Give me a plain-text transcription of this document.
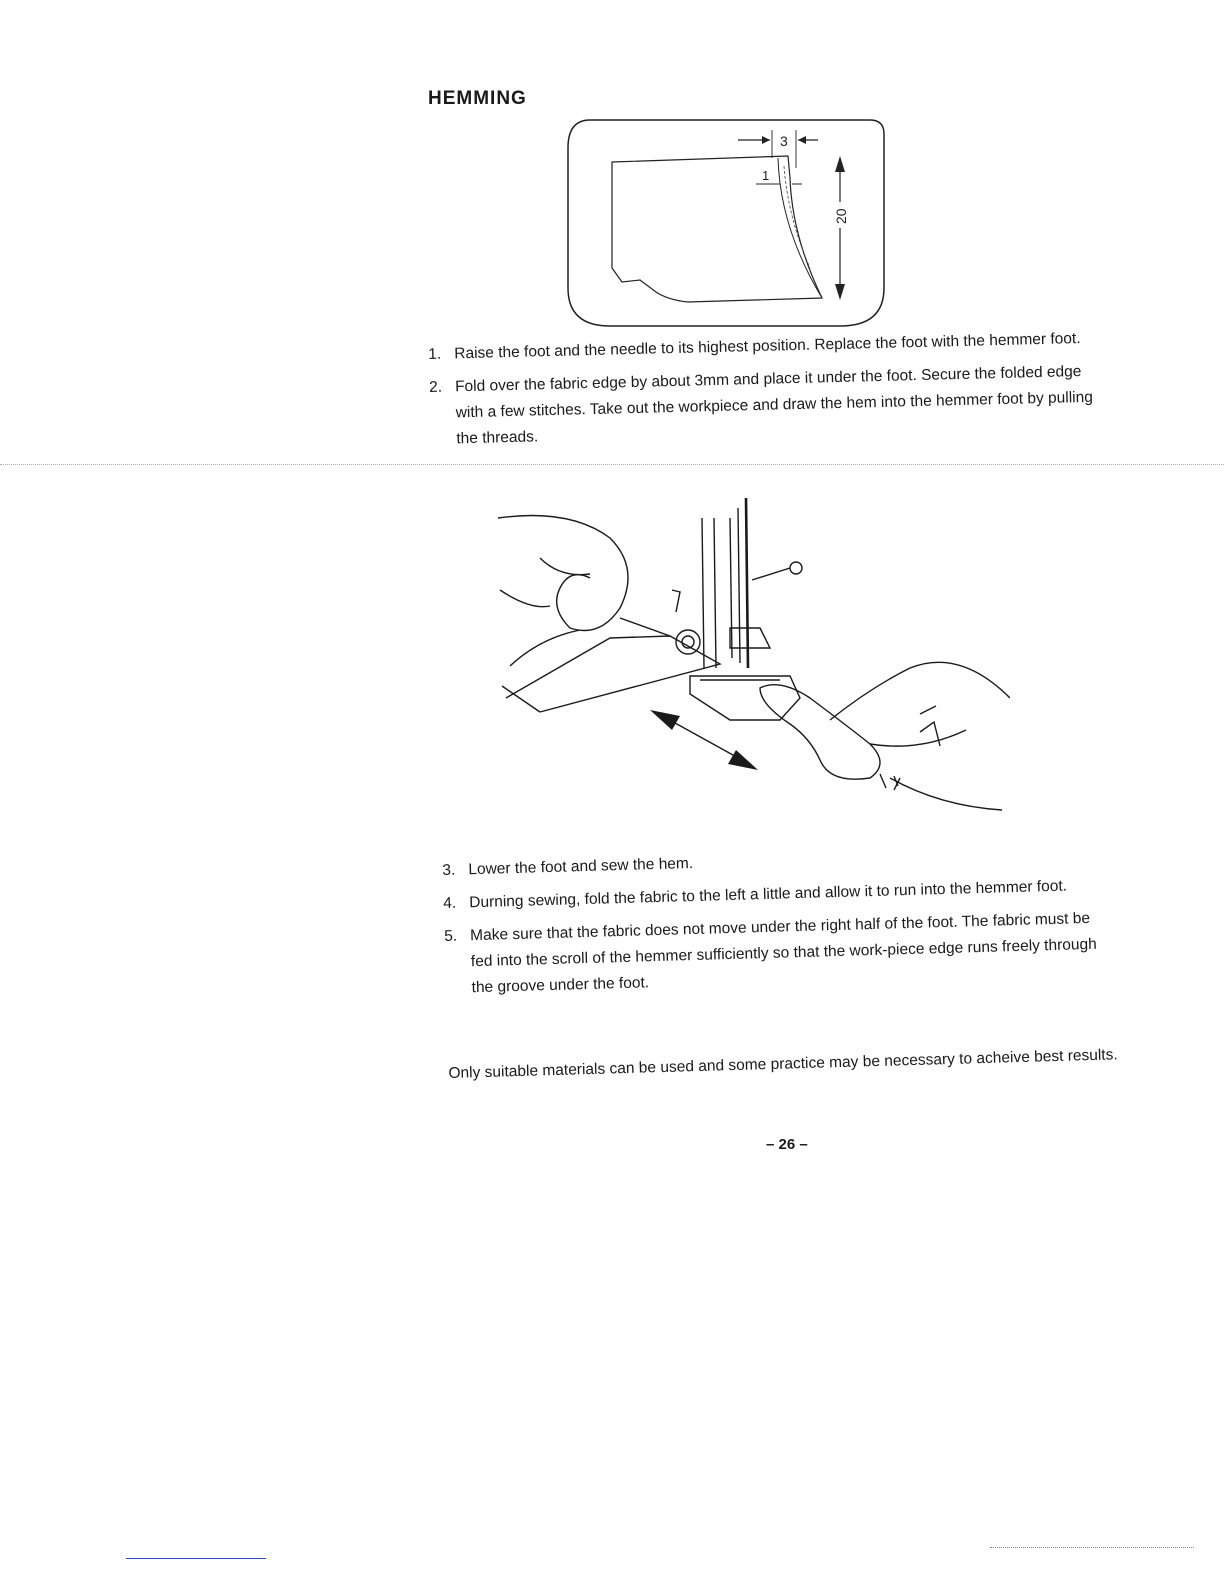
HEMMING
3
1
20
1. Raise the foot and the needle to its highest position. Replace the foot with the hemmer foot.
2. Fold over the fabric edge by about 3mm and place it under the foot. Secure the folded edge with a few stitches. Take out the workpiece and draw the hem into the hemmer foot by pulling the threads.
3. Lower the foot and sew the hem.
4. Durning sewing, fold the fabric to the left a little and allow it to run into the hemmer foot.
5. Make sure that the fabric does not move under the right half of the foot. The fabric must be fed into the scroll of the hemmer sufficiently so that the work-piece edge runs freely through the groove under the foot.

Only suitable materials can be used and some practice may be necessary to acheive best results.

– 26 –
